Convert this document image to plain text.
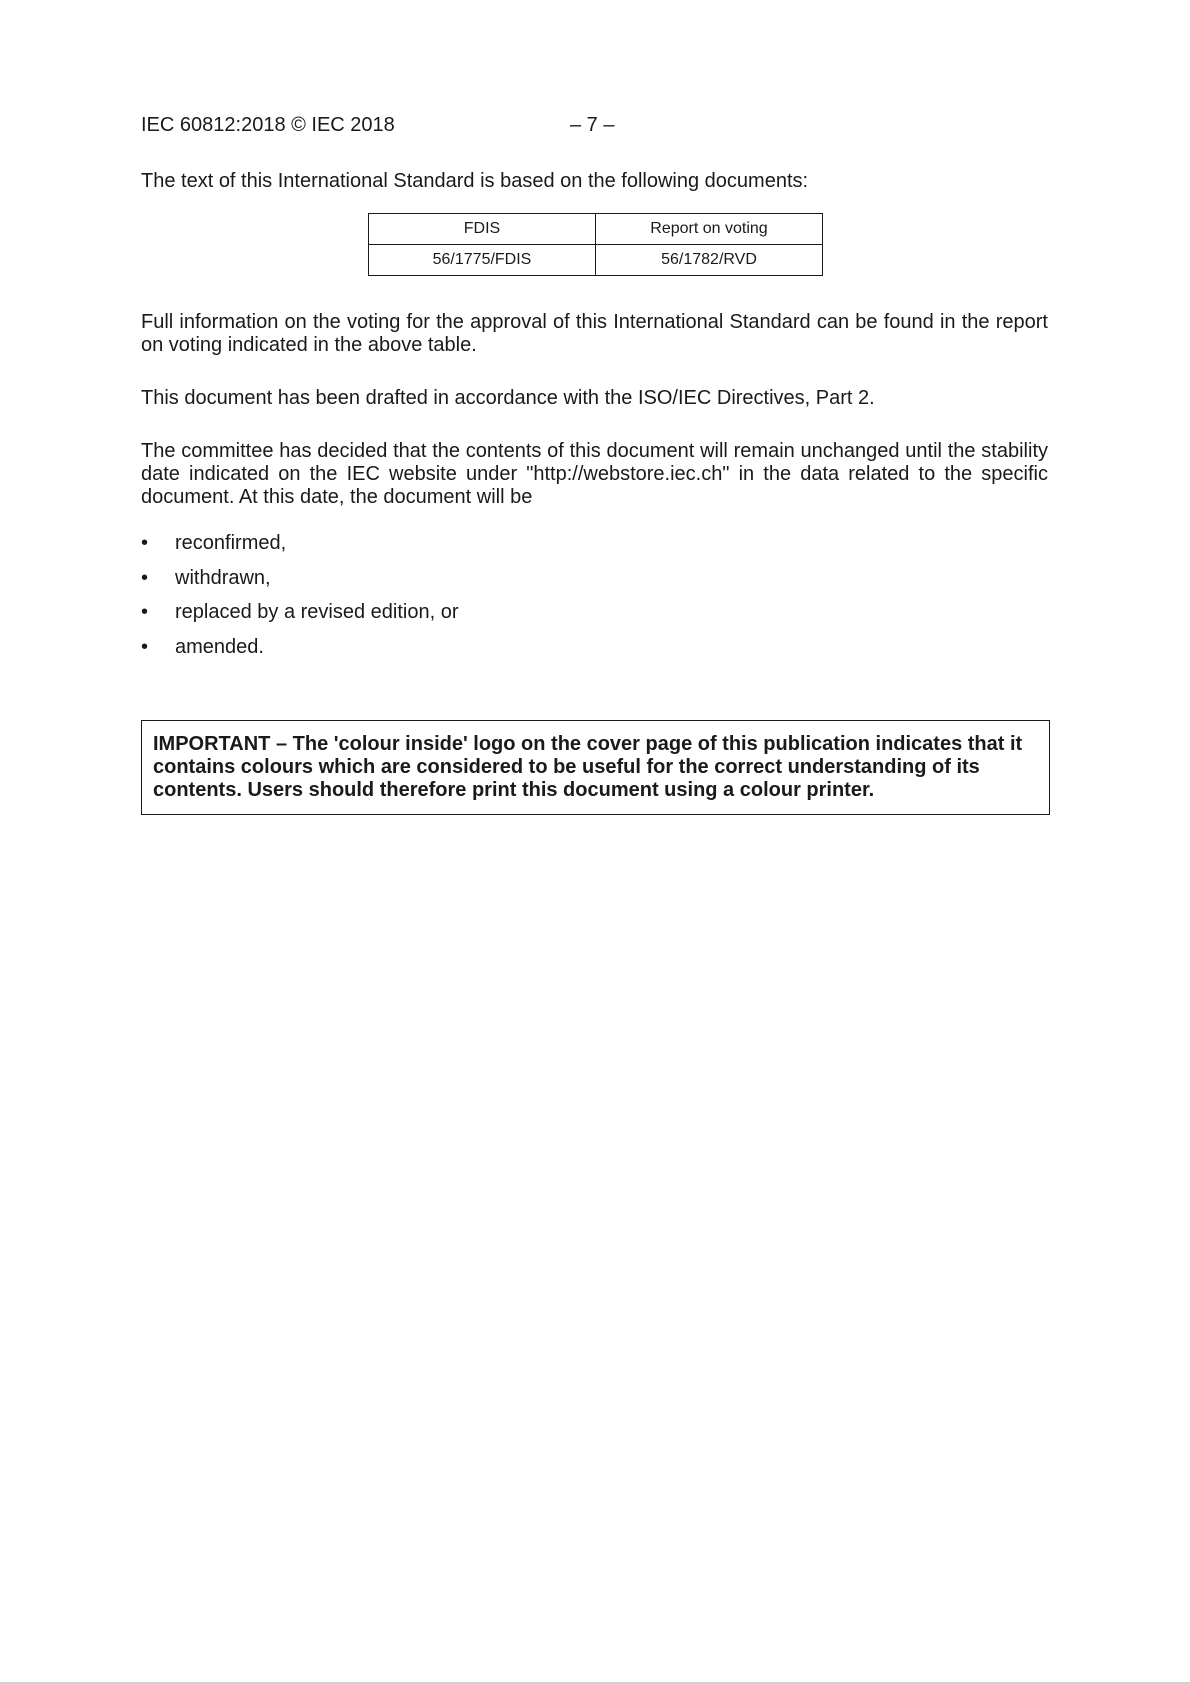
IEC 60812:2018 © IEC 2018	– 7 –

The text of this International Standard is based on the following documents:

FDIS	Report on voting
56/1775/FDIS	56/1782/RVD

Full information on the voting for the approval of this International Standard can be found in the report on voting indicated in the above table.

This document has been drafted in accordance with the ISO/IEC Directives, Part 2.

The committee has decided that the contents of this document will remain unchanged until the stability date indicated on the IEC website under "http://webstore.iec.ch" in the data related to the specific document. At this date, the document will be

•	reconfirmed,
•	withdrawn,
•	replaced by a revised edition, or
•	amended.

IMPORTANT – The 'colour inside' logo on the cover page of this publication indicates that it contains colours which are considered to be useful for the correct understanding of its contents. Users should therefore print this document using a colour printer.
